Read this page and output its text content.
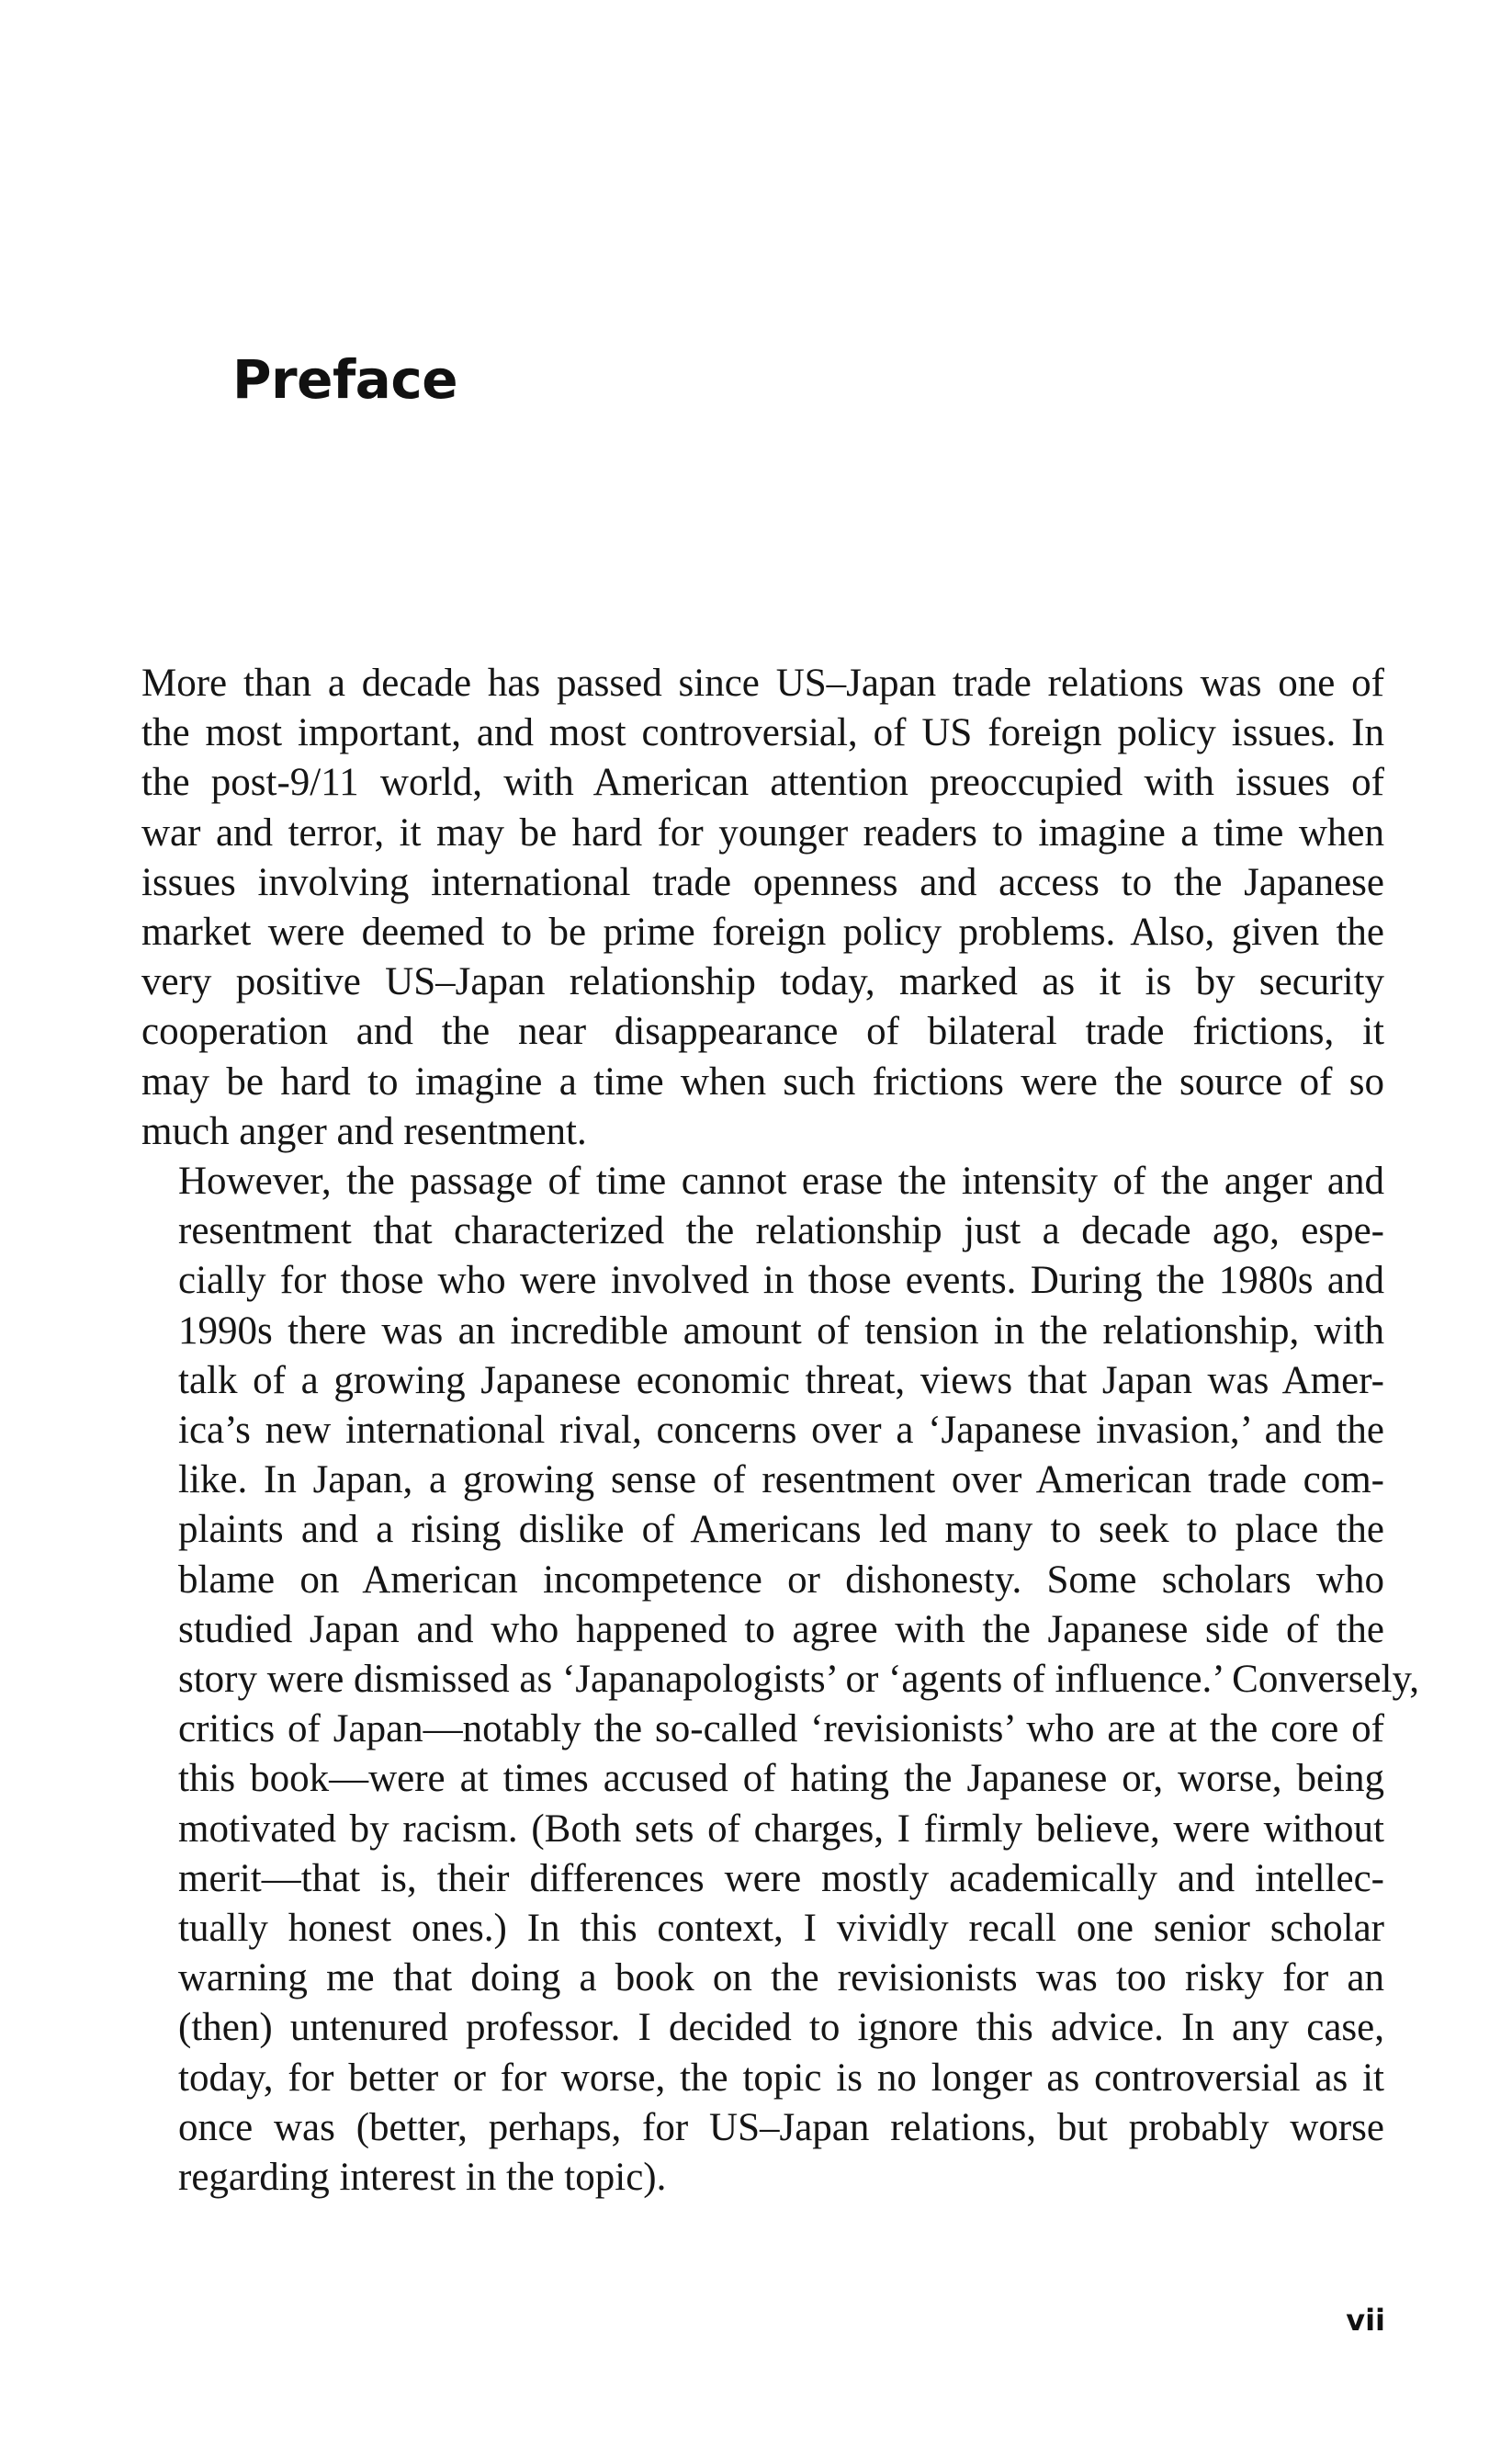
Preface

More than a decade has passed since US–Japan trade relations was one of
the most important, and most controversial, of US foreign policy issues. In
the post-9/11 world, with American attention preoccupied with issues of
war and terror, it may be hard for younger readers to imagine a time when
issues involving international trade openness and access to the Japanese
market were deemed to be prime foreign policy problems. Also, given the
very positive US–Japan relationship today, marked as it is by security
cooperation and the near disappearance of bilateral trade frictions, it
may be hard to imagine a time when such frictions were the source of so
much anger and resentment.

However, the passage of time cannot erase the intensity of the anger and
resentment that characterized the relationship just a decade ago, espe-
cially for those who were involved in those events. During the 1980s and
1990s there was an incredible amount of tension in the relationship, with
talk of a growing Japanese economic threat, views that Japan was Amer-
ica’s new international rival, concerns over a ‘Japanese invasion,’ and the
like. In Japan, a growing sense of resentment over American trade com-
plaints and a rising dislike of Americans led many to seek to place the
blame on American incompetence or dishonesty. Some scholars who
studied Japan and who happened to agree with the Japanese side of the
story were dismissed as ‘Japanapologists’ or ‘agents of influence.’ Conversely,
critics of Japan—notably the so-called ‘revisionists’ who are at the core of
this book—were at times accused of hating the Japanese or, worse, being
motivated by racism. (Both sets of charges, I firmly believe, were without
merit—that is, their differences were mostly academically and intellec-
tually honest ones.) In this context, I vividly recall one senior scholar
warning me that doing a book on the revisionists was too risky for an
(then) untenured professor. I decided to ignore this advice. In any case,
today, for better or for worse, the topic is no longer as controversial as it
once was (better, perhaps, for US–Japan relations, but probably worse
regarding interest in the topic).

vii
